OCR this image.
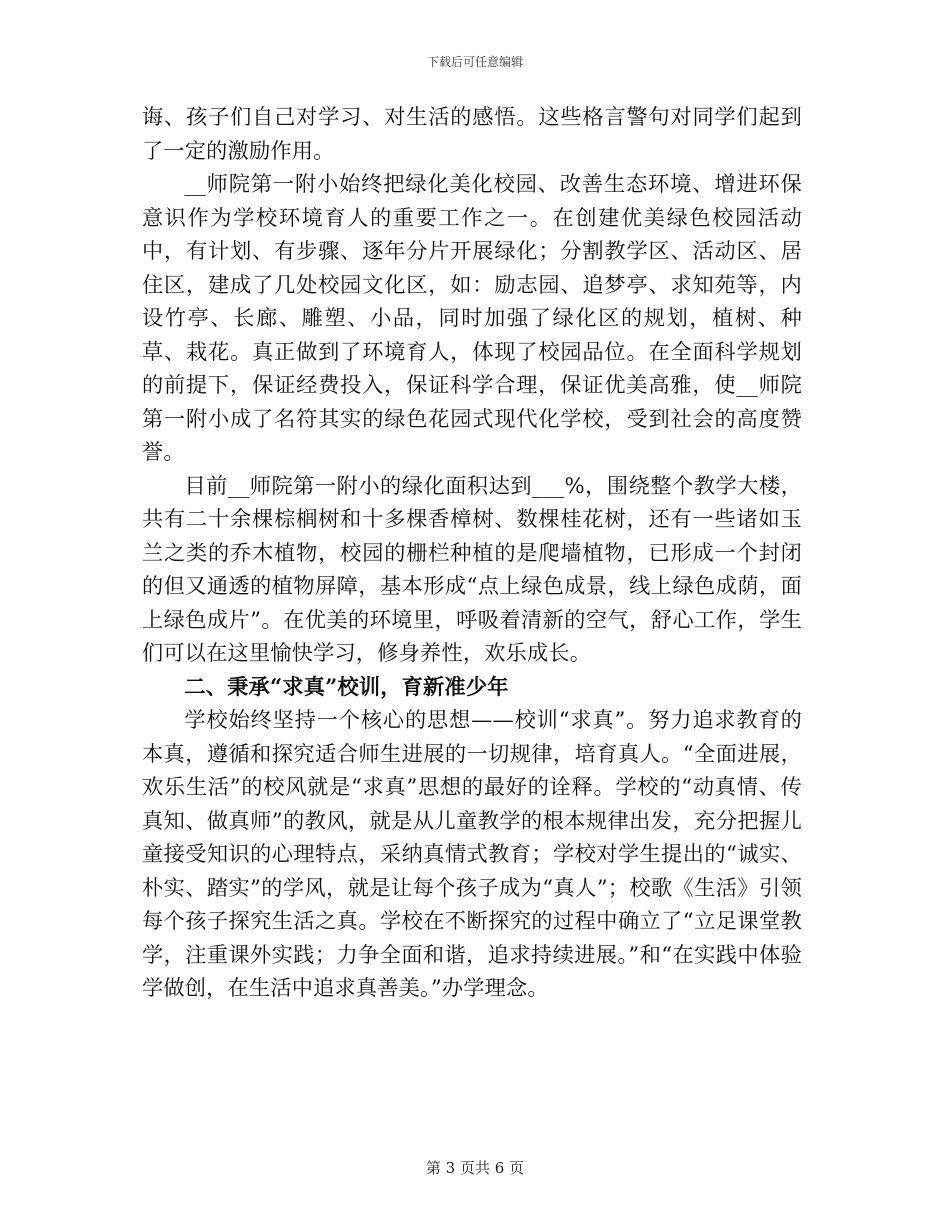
下载后可任意编辑

诲、孩子们自己对学习、对生活的感悟。这些格言警句对同学们起到了一定的激励作用。

__师院第一附小始终把绿化美化校园、改善生态环境、增进环保意识作为学校环境育人的重要工作之一。在创建优美绿色校园活动中，有计划、有步骤、逐年分片开展绿化；分割教学区、活动区、居住区，建成了几处校园文化区，如：励志园、追梦亭、求知苑等，内设竹亭、长廊、雕塑、小品，同时加强了绿化区的规划，植树、种草、栽花。真正做到了环境育人，体现了校园品位。在全面科学规划的前提下，保证经费投入，保证科学合理，保证优美高雅，使__师院第一附小成了名符其实的绿色花园式现代化学校，受到社会的高度赞誉。

目前__师院第一附小的绿化面积达到___%，围绕整个教学大楼，共有二十余棵棕榈树和十多棵香樟树、数棵桂花树，还有一些诸如玉兰之类的乔木植物，校园的栅栏种植的是爬墙植物，已形成一个封闭的但又通透的植物屏障，基本形成“点上绿色成景，线上绿色成荫，面上绿色成片”。在优美的环境里，呼吸着清新的空气，舒心工作，学生们可以在这里愉快学习，修身养性，欢乐成长。

二、秉承“求真”校训，育新准少年

学校始终坚持一个核心的思想——校训“求真”。努力追求教育的本真，遵循和探究适合师生进展的一切规律，培育真人。“全面进展，欢乐生活”的校风就是“求真”思想的最好的诠释。学校的“动真情、传真知、做真师”的教风，就是从儿童教学的根本规律出发，充分把握儿童接受知识的心理特点，采纳真情式教育；学校对学生提出的“诚实、朴实、踏实”的学风，就是让每个孩子成为“真人”；校歌《生活》引领每个孩子探究生活之真。学校在不断探究的过程中确立了“立足课堂教学，注重课外实践；力争全面和谐，追求持续进展。”和“在实践中体验学做创，在生活中追求真善美。”办学理念。

第 3 页共 6 页
